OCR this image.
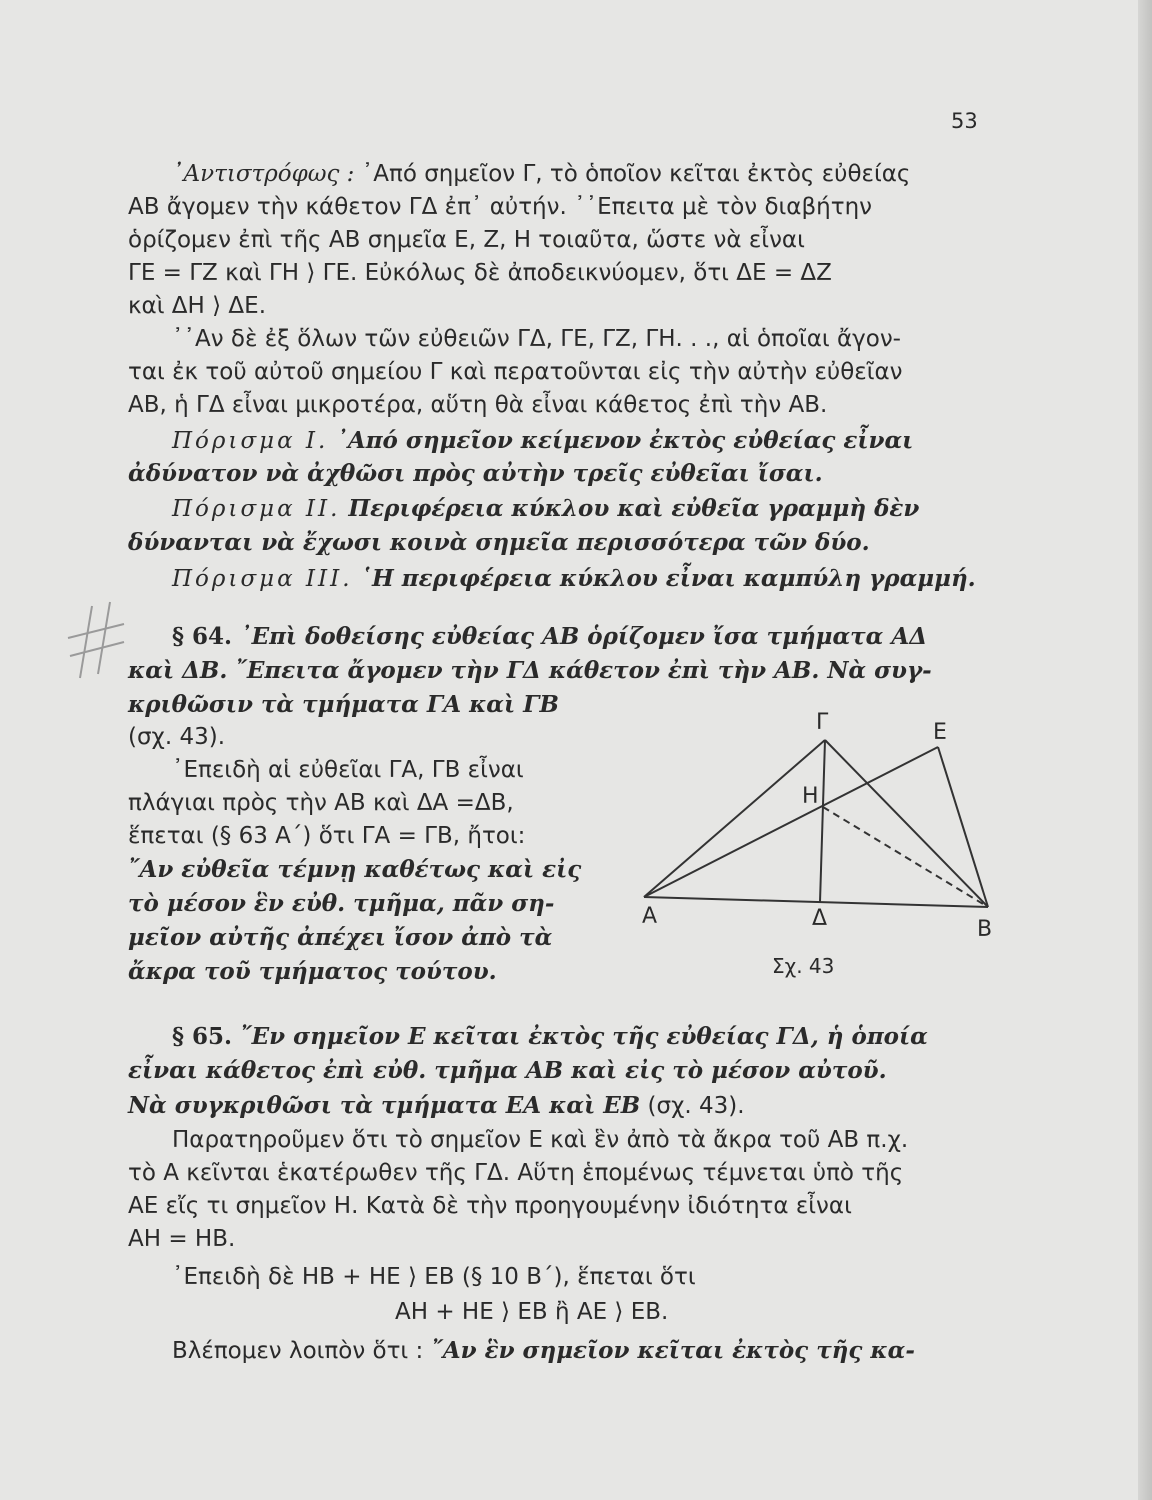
53
᾽Αντιστρόφως : ᾽Από σημεῖον Γ, τὸ ὁποῖον κεῖται ἐκτὸς εὐθείας
ΑΒ ἄγομεν τὴν κάθετον ΓΔ ἐπ᾽ αὐτήν. ᾽᾽Επειτα μὲ τὸν διαβήτην
ὁρίζομεν ἐπὶ τῆς ΑΒ σημεῖα Ε, Ζ, Η τοιαῦτα, ὥστε νὰ εἶναι
ΓΕ = ΓΖ καὶ ΓΗ ⟩ ΓΕ. Εὐκόλως δὲ ἀποδεικνύομεν, ὅτι ΔΕ = ΔΖ
καὶ ΔΗ ⟩ ΔΕ.
᾽᾽Αν δὲ ἐξ ὅλων τῶν εὐθειῶν ΓΔ, ΓΕ, ΓΖ, ΓΗ. . ., αἱ ὁποῖαι ἄγον-
ται ἐκ τοῦ αὐτοῦ σημείου Γ καὶ περατοῦνται εἰς τὴν αὐτὴν εὐθεῖαν
ΑΒ, ἡ ΓΔ εἶναι μικροτέρα, αὕτη θὰ εἶναι κάθετος ἐπὶ τὴν ΑΒ.
Πόρισμα Ι. ᾽Από σημεῖον κείμενον ἐκτὸς εὐθείας εἶναι
ἀδύνατον νὰ ἀχθῶσι πρὸς αὐτὴν τρεῖς εὐθεῖαι ἴσαι.
Πόρισμα ΙΙ. Περιφέρεια κύκλου καὶ εὐθεῖα γραμμὴ δὲν
δύνανται νὰ ἔχωσι κοινὰ σημεῖα περισσότερα τῶν δύο.
Πόρισμα ΙΙΙ. ῾Η περιφέρεια κύκλου εἶναι καμπύλη γραμμή.
§ 64. ᾽Επὶ δοθείσης εὐθείας ΑΒ ὁρίζομεν ἴσα τμήματα ΑΔ
καὶ ΔΒ. ῎Επειτα ἄγομεν τὴν ΓΔ κάθετον ἐπὶ τὴν ΑΒ. Νὰ συγ-
κριθῶσιν τὰ τμήματα ΓΑ καὶ ΓΒ
(σχ. 43).
᾽Επειδὴ αἱ εὐθεῖαι ΓΑ, ΓΒ εἶναι
πλάγιαι πρὸς τὴν ΑΒ καὶ ΔΑ =ΔΒ,
ἕπεται (§ 63 Α΄) ὅτι ΓΑ = ΓΒ, ἤτοι:
῎Αν εὐθεῖα τέμνῃ καθέτως καὶ εἰς
τὸ μέσον ἓν εὐθ. τμῆμα, πᾶν ση-
μεῖον αὐτῆς ἀπέχει ἴσον ἀπὸ τὰ
ἄκρα τοῦ τμήματος τούτου.
Γ	Ε
Η
Α	Δ	Β
Σχ. 43
§ 65. ῎Εν σημεῖον Ε κεῖται ἐκτὸς τῆς εὐθείας ΓΔ, ἡ ὁποία
εἶναι κάθετος ἐπὶ εὐθ. τμῆμα ΑΒ καὶ εἰς τὸ μέσον αὐτοῦ.
Νὰ συγκριθῶσι τὰ τμήματα ΕΑ καὶ ΕΒ (σχ. 43).
Παρατηροῦμεν ὅτι τὸ σημεῖον Ε καὶ ἓν ἀπὸ τὰ ἄκρα τοῦ ΑΒ π.χ.
τὸ Α κεῖνται ἑκατέρωθεν τῆς ΓΔ. Αὕτη ἑπομένως τέμνεται ὑπὸ τῆς
ΑΕ εἴς τι σημεῖον Η. Κατὰ δὲ τὴν προηγουμένην ἰδιότητα εἶναι
ΑΗ = ΗΒ.
᾽Επειδὴ δὲ ΗΒ + ΗΕ ⟩ ΕΒ (§ 10 Β΄), ἕπεται ὅτι
ΑΗ + ΗΕ ⟩ ΕΒ ἢ ΑΕ ⟩ ΕΒ.
Βλέπομεν λοιπὸν ὅτι : ῎Αν ἓν σημεῖον κεῖται ἐκτὸς τῆς κα-
